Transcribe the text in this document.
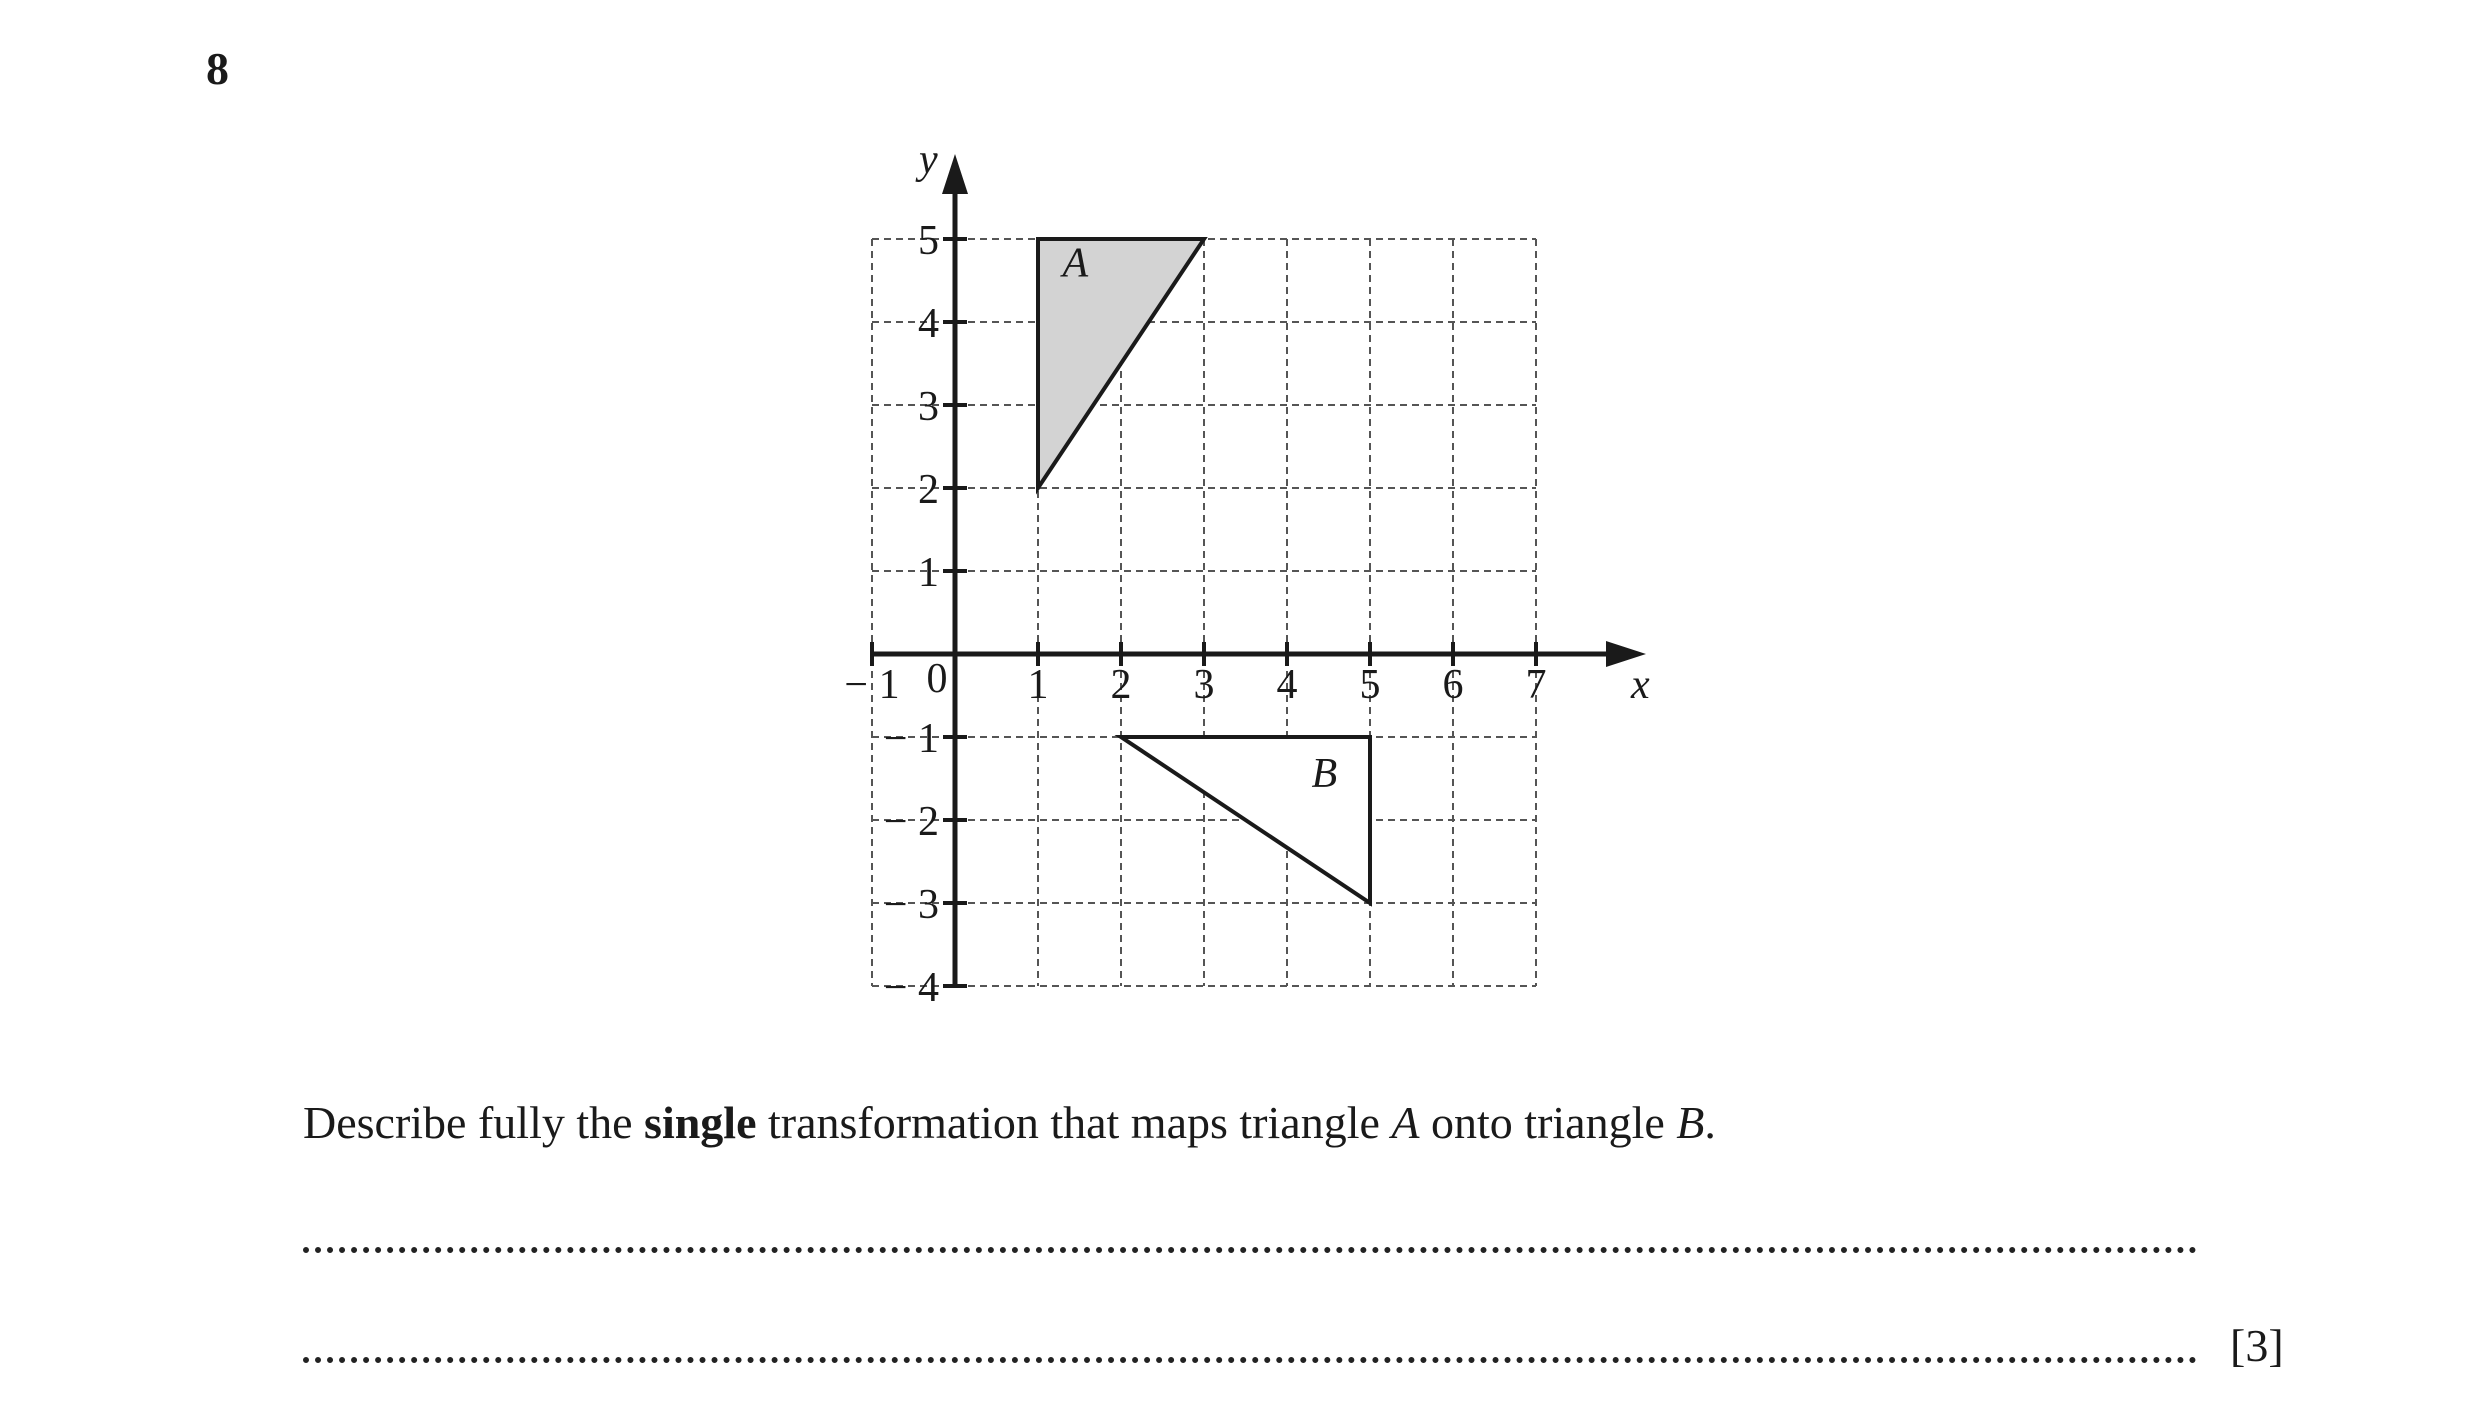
8
− 1	1 2 3 4 5 6 7
5
4
3
2
1
− 1
− 2
− 3
− 4
A
B
x
y
0
Describe fully the single transformation that maps triangle A onto triangle B.
[3]
